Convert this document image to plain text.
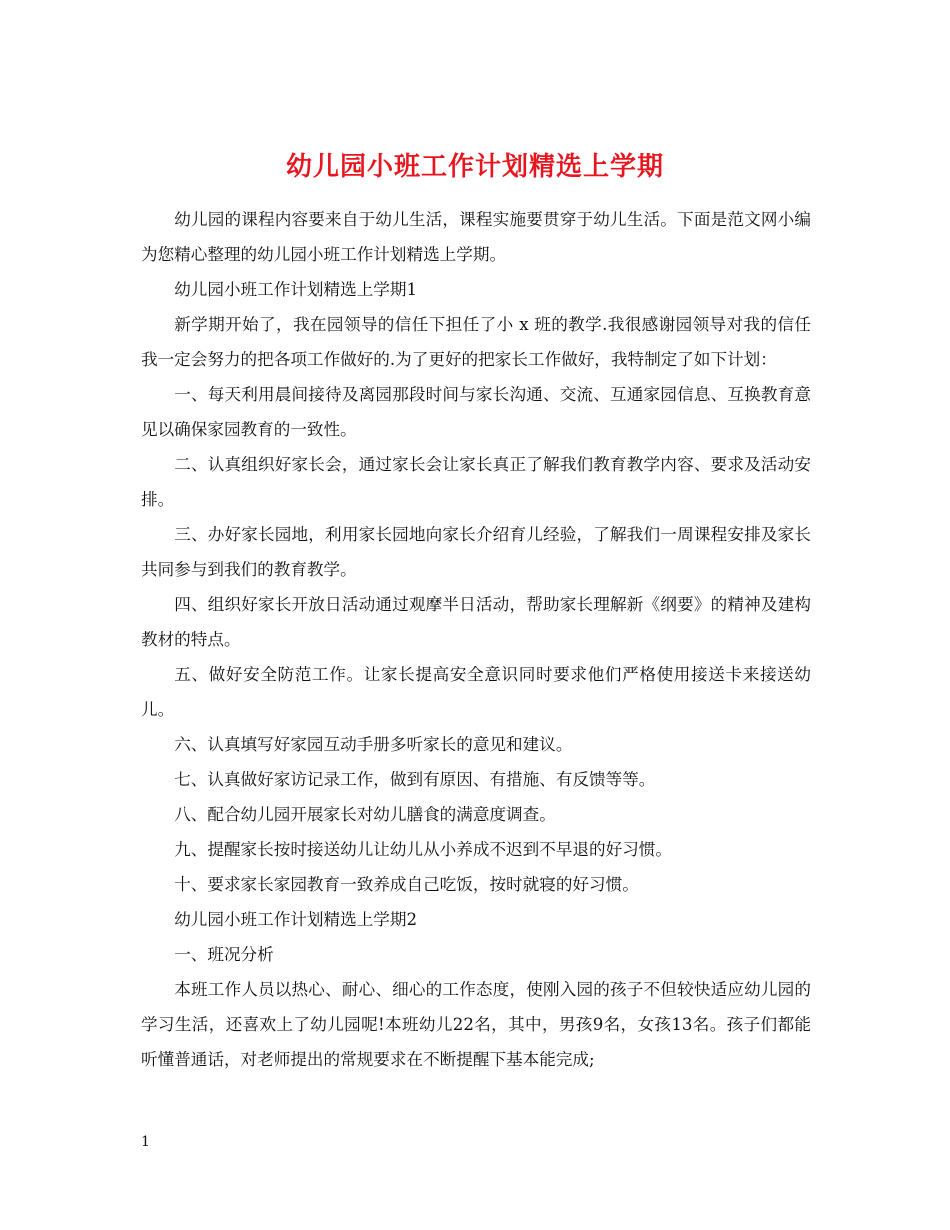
幼儿园小班工作计划精选上学期

幼儿园的课程内容要来自于幼儿生活，课程实施要贯穿于幼儿生活。下面是范文网小编为您精心整理的幼儿园小班工作计划精选上学期。

幼儿园小班工作计划精选上学期1

新学期开始了，我在园领导的信任下担任了小 x 班的教学.我很感谢园领导对我的信任我一定会努力的把各项工作做好的.为了更好的把家长工作做好，我特制定了如下计划：

一、每天利用晨间接待及离园那段时间与家长沟通、交流、互通家园信息、互换教育意见以确保家园教育的一致性。

二、认真组织好家长会，通过家长会让家长真正了解我们教育教学内容、要求及活动安排。

三、办好家长园地，利用家长园地向家长介绍育儿经验，了解我们一周课程安排及家长共同参与到我们的教育教学。

四、组织好家长开放日活动通过观摩半日活动，帮助家长理解新《纲要》的精神及建构教材的特点。

五、做好安全防范工作。让家长提高安全意识同时要求他们严格使用接送卡来接送幼儿。

六、认真填写好家园互动手册多听家长的意见和建议。

七、认真做好家访记录工作，做到有原因、有措施、有反馈等等。

八、配合幼儿园开展家长对幼儿膳食的满意度调查。

九、提醒家长按时接送幼儿让幼儿从小养成不迟到不早退的好习惯。

十、要求家长家园教育一致养成自己吃饭，按时就寝的好习惯。

幼儿园小班工作计划精选上学期2

一、班况分析

本班工作人员以热心、耐心、细心的工作态度，使刚入园的孩子不但较快适应幼儿园的学习生活，还喜欢上了幼儿园呢!本班幼儿22名，其中，男孩9名，女孩13名。孩子们都能听懂普通话，对老师提出的常规要求在不断提醒下基本能完成;

1
